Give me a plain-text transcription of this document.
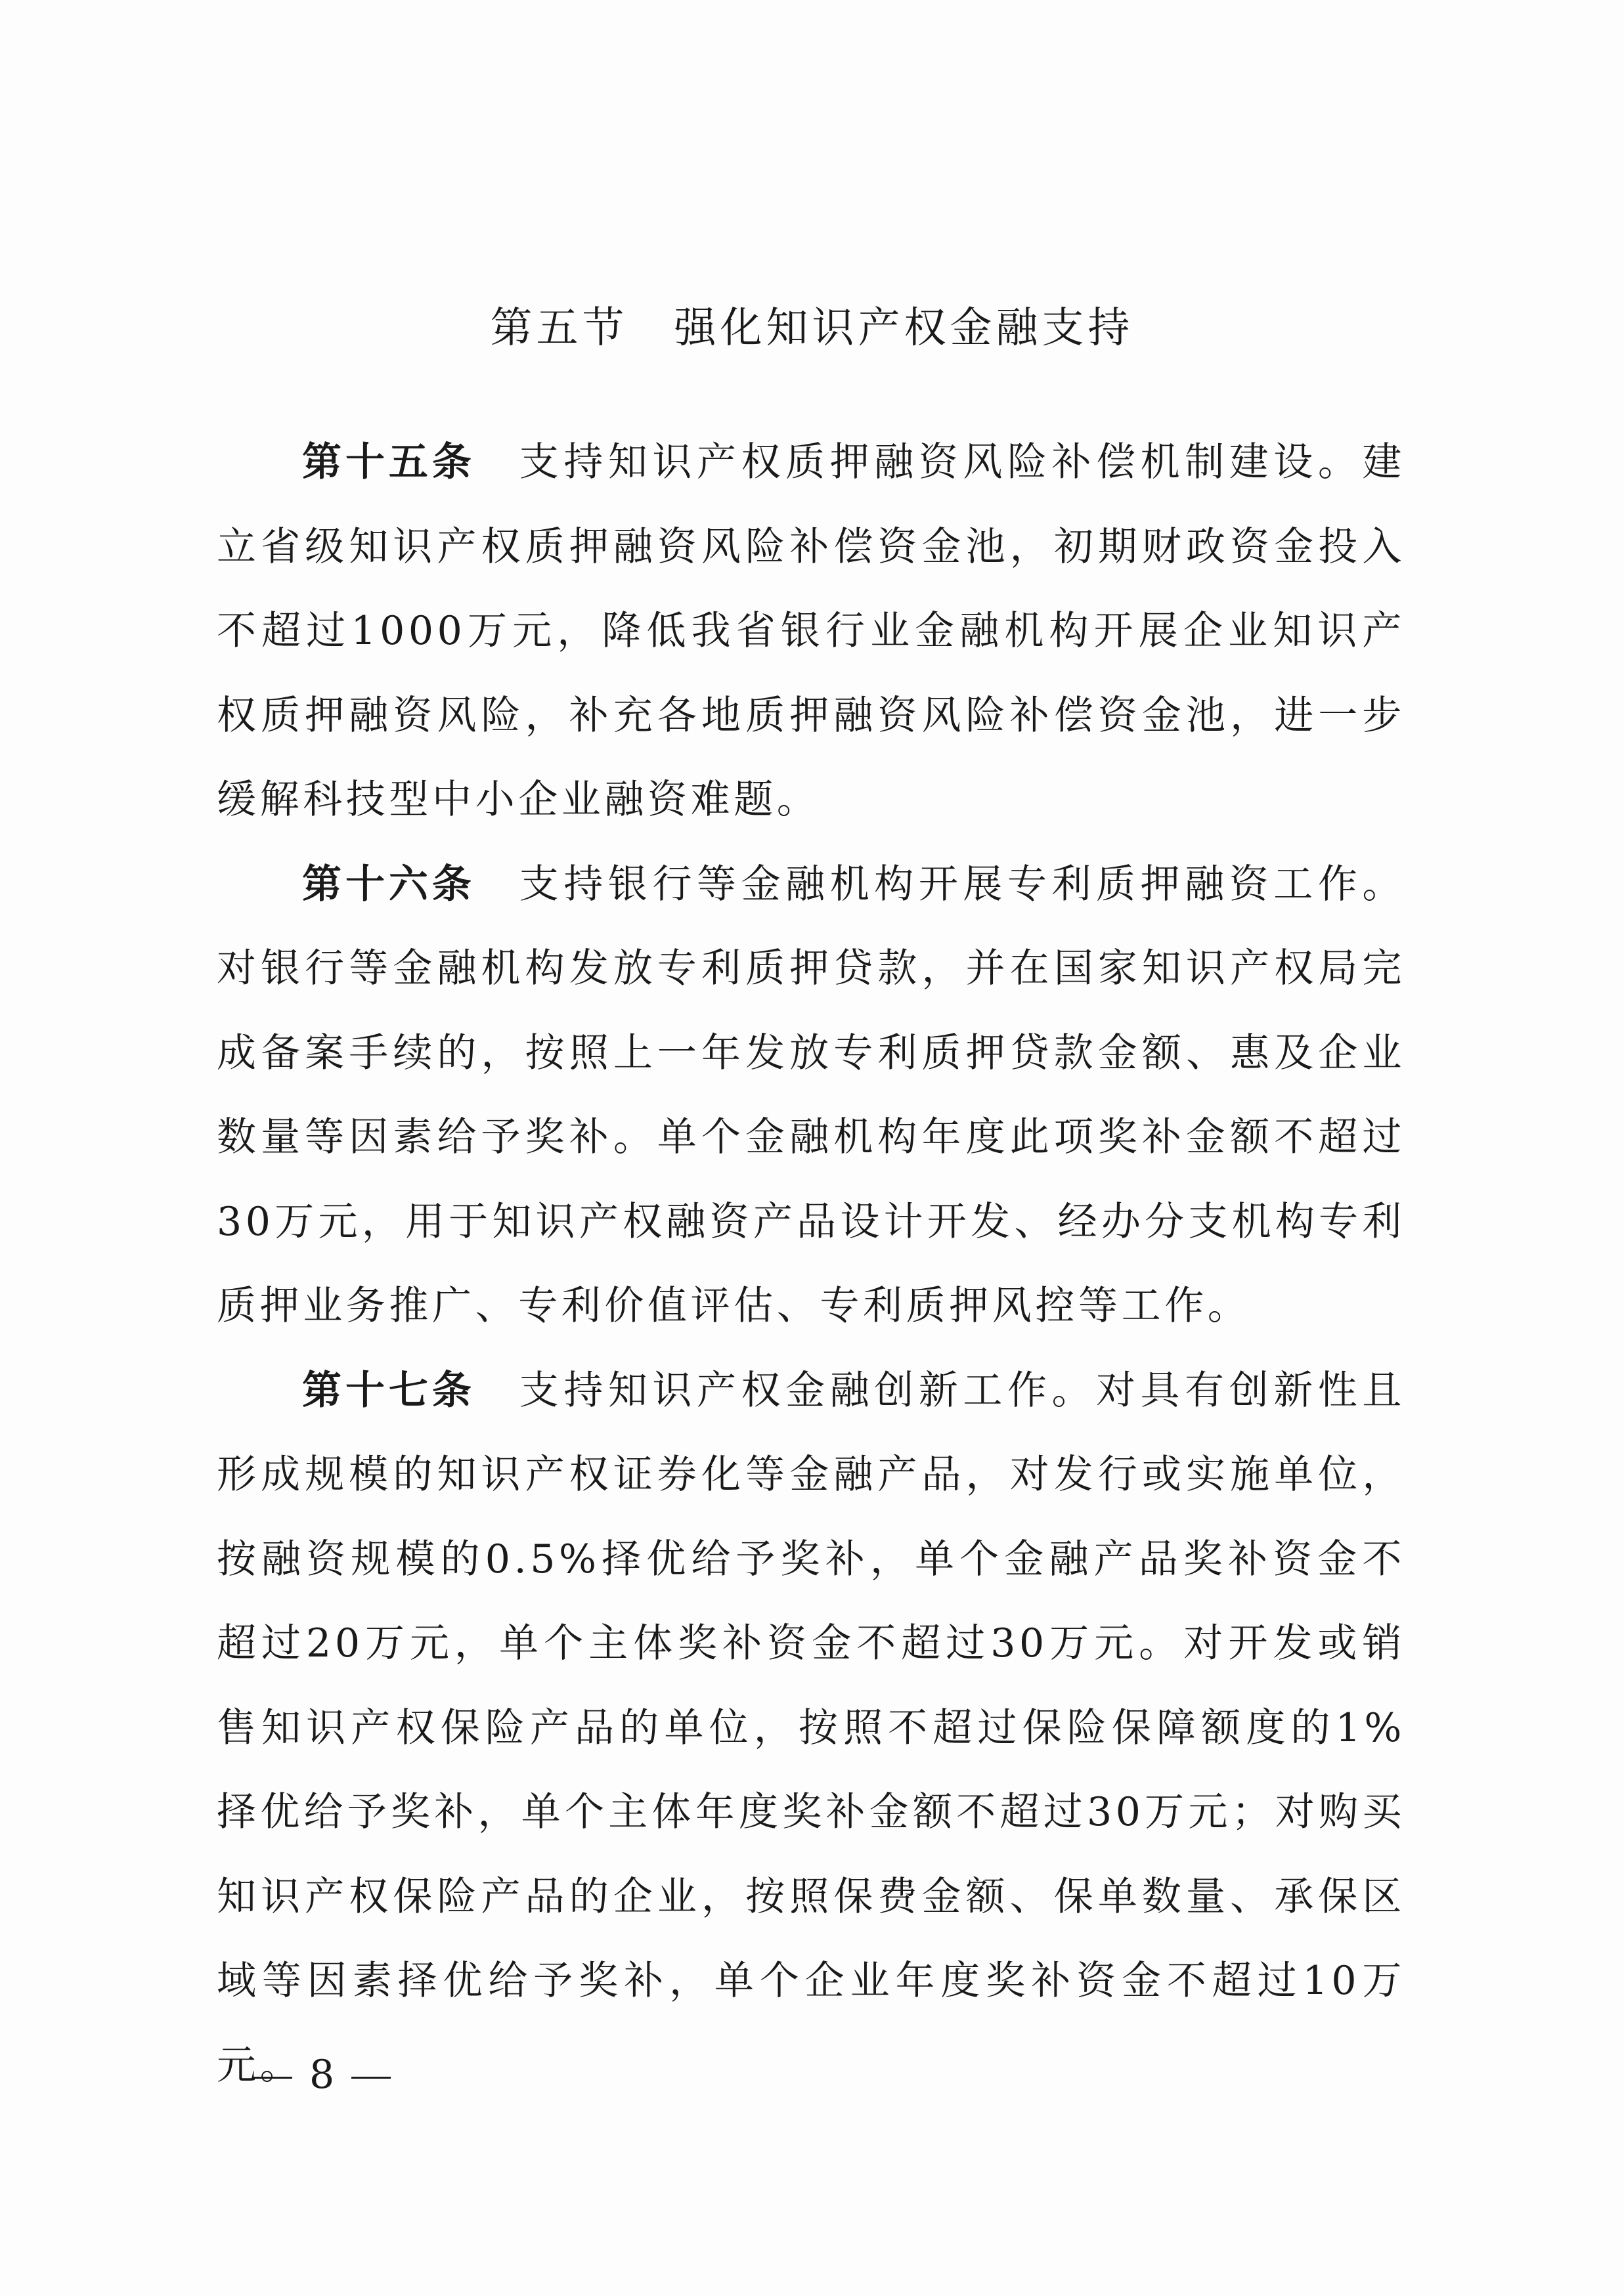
第五节 强化知识产权金融支持

第十五条 支持知识产权质押融资风险补偿机制建设。建立省级知识产权质押融资风险补偿资金池，初期财政资金投入不超过1000万元，降低我省银行业金融机构开展企业知识产权质押融资风险，补充各地质押融资风险补偿资金池，进一步缓解科技型中小企业融资难题。

第十六条 支持银行等金融机构开展专利质押融资工作。对银行等金融机构发放专利质押贷款，并在国家知识产权局完成备案手续的，按照上一年发放专利质押贷款金额、惠及企业数量等因素给予奖补。单个金融机构年度此项奖补金额不超过30万元，用于知识产权融资产品设计开发、经办分支机构专利质押业务推广、专利价值评估、专利质押风控等工作。

第十七条 支持知识产权金融创新工作。对具有创新性且形成规模的知识产权证券化等金融产品，对发行或实施单位，按融资规模的0.5%择优给予奖补，单个金融产品奖补资金不超过20万元，单个主体奖补资金不超过30万元。对开发或销售知识产权保险产品的单位，按照不超过保险保障额度的1%择优给予奖补，单个主体年度奖补金额不超过30万元；对购买知识产权保险产品的企业，按照保费金额、保单数量、承保区域等因素择优给予奖补，单个企业年度奖补资金不超过10万元。 8
